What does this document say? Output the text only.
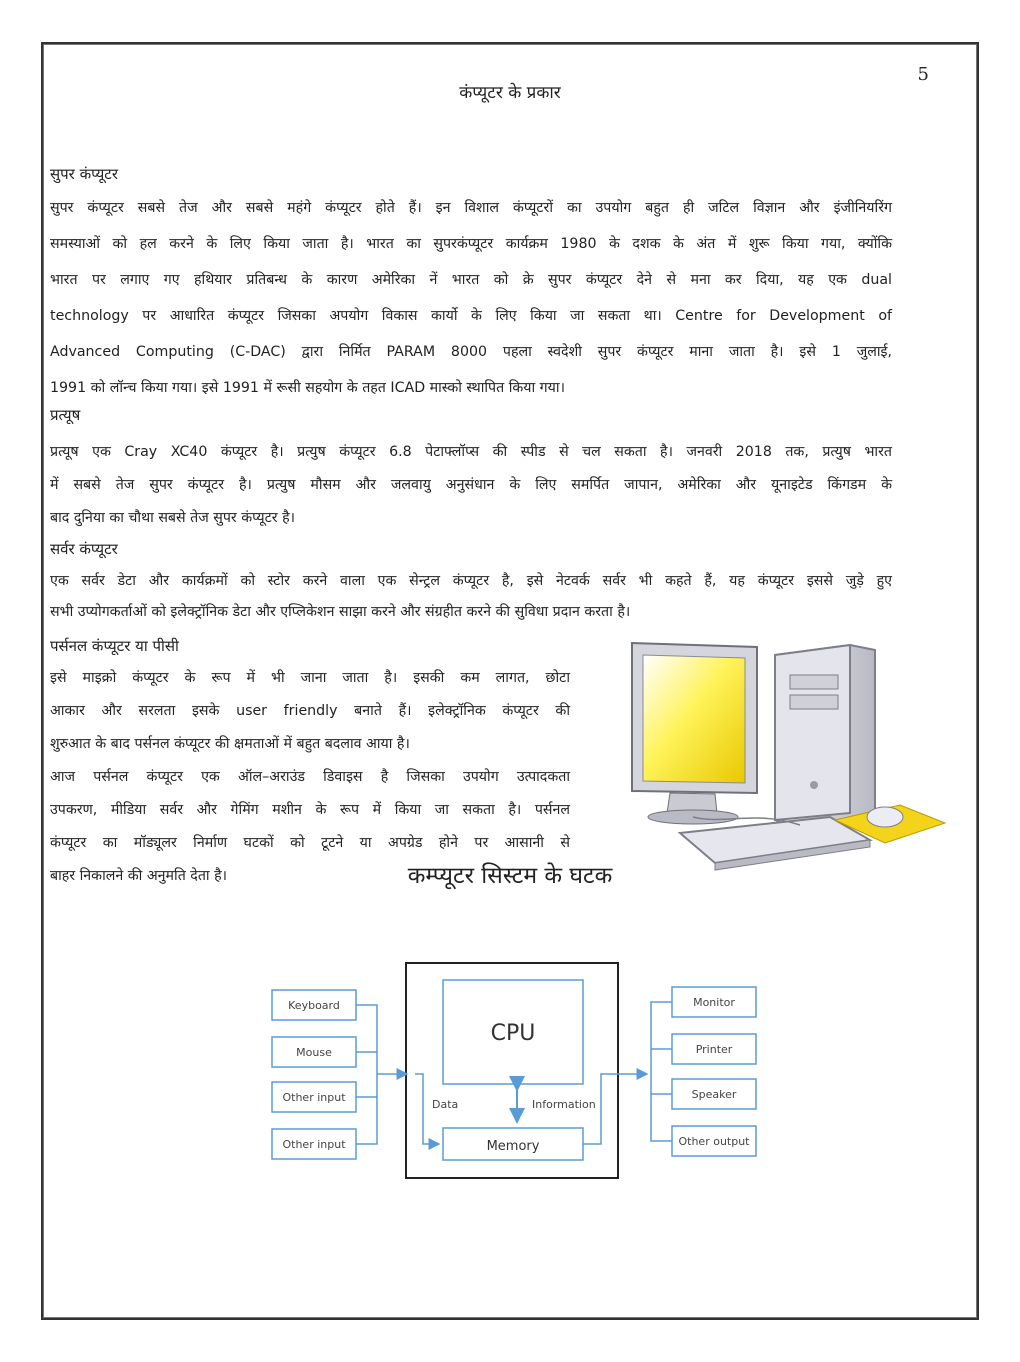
5
कंप्यूटर के प्रकार
सुपर कंप्यूटर
सुपर कंप्यूटर सबसे तेज और सबसे महंगे कंप्यूटर होते हैं। इन विशाल कंप्यूटरों का उपयोग बहुत ही जटिल विज्ञान और इंजीनियरिंग
समस्याओं को हल करने के लिए किया जाता है। भारत का सुपरकंप्यूटर कार्यक्रम 1980 के दशक के अंत में शुरू किया गया, क्योंकि
भारत पर लगाए गए हथियार प्रतिबन्ध के कारण अमेरिका नें भारत को क्रे सुपर कंप्यूटर देने से मना कर दिया, यह एक dual
technology पर आधारित कंप्यूटर जिसका अपयोग विकास कार्यो के लिए किया जा सकता था। Centre for Development of
Advanced Computing (C-DAC) द्वारा निर्मित PARAM 8000 पहला स्वदेशी सुपर कंप्यूटर माना जाता है। इसे 1 जुलाई,
1991 को लॉन्च किया गया। इसे 1991 में रूसी सहयोग के तहत ICAD मास्को स्थापित किया गया।
प्रत्यूष
प्रत्यूष एक Cray XC40 कंप्यूटर है। प्रत्युष कंप्यूटर 6.8 पेटाफ्लॉप्स की स्पीड से चल सकता है। जनवरी 2018 तक, प्रत्युष भारत
में सबसे तेज सुपर कंप्यूटर है। प्रत्युष मौसम और जलवायु अनुसंधान के लिए समर्पित जापान, अमेरिका और यूनाइटेड किंगडम के
बाद दुनिया का चौथा सबसे तेज सुपर कंप्यूटर है।
सर्वर कंप्यूटर
एक सर्वर डेटा और कार्यक्रमों को स्टोर करने वाला एक सेन्ट्रल कंप्यूटर है, इसे नेटवर्क सर्वर भी कहते हैं, यह कंप्यूटर इससे जुड़े हुए
सभी उप्योगकर्ताओं को इलेक्ट्रॉनिक डेटा और एप्लिकेशन साझा करने और संग्रहीत करने की सुविधा प्रदान करता है।
पर्सनल कंप्यूटर या पीसी
इसे माइक्रो कंप्यूटर के रूप में भी जाना जाता है। इसकी कम लागत, छोटा
आकार और सरलता इसके user friendly बनाते हैं। इलेक्ट्रॉनिक कंप्यूटर की
शुरुआत के बाद पर्सनल कंप्यूटर की क्षमताओं में बहुत बदलाव आया है।
आज पर्सनल कंप्यूटर एक ऑल–अराउंड डिवाइस है जिसका उपयोग उत्पादकता
उपकरण, मीडिया सर्वर और गेमिंग मशीन के रूप में किया जा सकता है। पर्सनल
कंप्यूटर का मॉड्यूलर निर्माण घटकों को टूटने या अपग्रेड होने पर आसानी से
बाहर निकालने की अनुमति देता है।	कम्प्यूटर सिस्टम के घटक
CPU
Memory
Data	Information
Keyboard
Mouse
Other input
Other input
Monitor
Printer
Speaker
Other output
